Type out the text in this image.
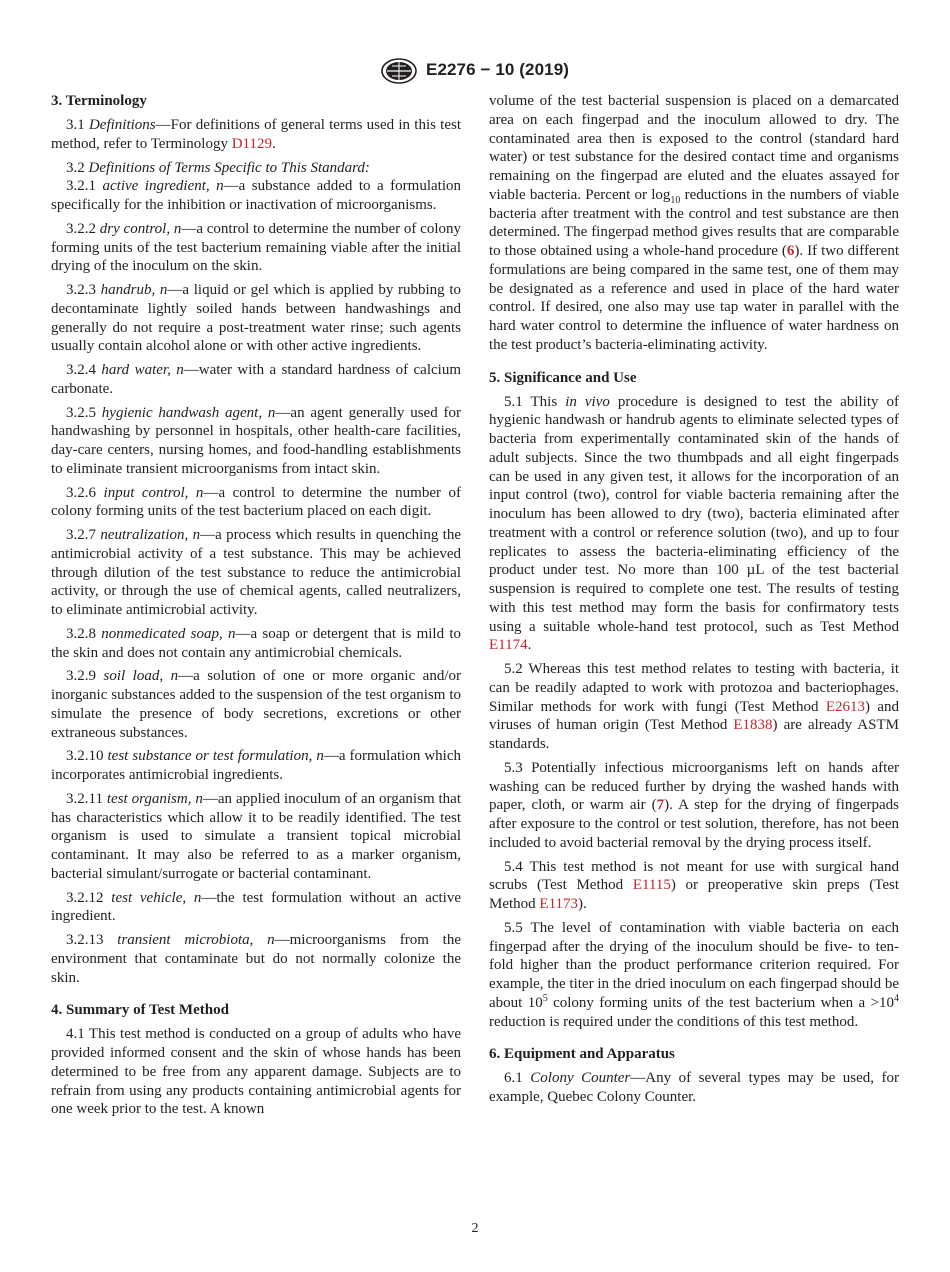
E2276 − 10 (2019)
3. Terminology

3.1 Definitions—For definitions of general terms used in this test method, refer to Terminology D1129.

3.2 Definitions of Terms Specific to This Standard:

3.2.1 active ingredient, n—a substance added to a formulation specifically for the inhibition or inactivation of microorganisms.

3.2.2 dry control, n—a control to determine the number of colony forming units of the test bacterium remaining viable after the initial drying of the inoculum on the skin.

3.2.3 handrub, n—a liquid or gel which is applied by rubbing to decontaminate lightly soiled hands between handwashings and generally do not require a post-treatment water rinse; such agents usually contain alcohol alone or with other active ingredients.

3.2.4 hard water, n—water with a standard hardness of calcium carbonate.

3.2.5 hygienic handwash agent, n—an agent generally used for handwashing by personnel in hospitals, other health-care facilities, day-care centers, nursing homes, and food-handling establishments to eliminate transient microorganisms from intact skin.

3.2.6 input control, n—a control to determine the number of colony forming units of the test bacterium placed on each digit.

3.2.7 neutralization, n—a process which results in quenching the antimicrobial activity of a test substance. This may be achieved through dilution of the test substance to reduce the antimicrobial activity, or through the use of chemical agents, called neutralizers, to eliminate antimicrobial activity.

3.2.8 nonmedicated soap, n—a soap or detergent that is mild to the skin and does not contain any antimicrobial chemicals.

3.2.9 soil load, n—a solution of one or more organic and/or inorganic substances added to the suspension of the test organism to simulate the presence of body secretions, excretions or other extraneous substances.

3.2.10 test substance or test formulation, n—a formulation which incorporates antimicrobial ingredients.

3.2.11 test organism, n—an applied inoculum of an organism that has characteristics which allow it to be readily identified. The test organism is used to simulate a transient topical microbial contaminant. It may also be referred to as a marker organism, bacterial simulant/surrogate or bacterial contaminant.

3.2.12 test vehicle, n—the test formulation without an active ingredient.

3.2.13 transient microbiota, n—microorganisms from the environment that contaminate but do not normally colonize the skin.

4. Summary of Test Method

4.1 This test method is conducted on a group of adults who have provided informed consent and the skin of whose hands has been determined to be free from any apparent damage. Subjects are to refrain from using any products containing antimicrobial agents for one week prior to the test. A known

volume of the test bacterial suspension is placed on a demarcated area on each fingerpad and the inoculum allowed to dry. The contaminated area then is exposed to the control (standard hard water) or test substance for the desired contact time and organisms remaining on the fingerpad are eluted and the eluates assayed for viable bacteria. Percent or $\log_{10}$ reductions in the numbers of viable bacteria after treatment with the control and test substance are then determined. The fingerpad method gives results that are comparable to those obtained using a whole-hand procedure (6). If two different formulations are being compared in the same test, one of them may be designated as a reference and used in place of the hard water control. If desired, one also may use tap water in parallel with the hard water control to determine the influence of water hardness on the test product’s bacteria-eliminating activity.

5. Significance and Use

5.1 This in vivo procedure is designed to test the ability of hygienic handwash or handrub agents to eliminate selected types of bacteria from experimentally contaminated skin of the hands of adult subjects. Since the two thumbpads and all eight fingerpads can be used in any given test, it allows for the incorporation of an input control (two), control for viable bacteria remaining after the inoculum has been allowed to dry (two), bacteria eliminated after treatment with a control or reference solution (two), and up to four replicates to assess the bacteria-eliminating efficiency of the product under test. No more than 100 µL of the test bacterial suspension is required to complete one test. The results of testing with this test method may form the basis for confirmatory tests using a suitable whole-hand test protocol, such as Test Method E1174.

5.2 Whereas this test method relates to testing with bacteria, it can be readily adapted to work with protozoa and bacteriophages. Similar methods for work with fungi (Test Method E2613) and viruses of human origin (Test Method E1838) are already ASTM standards.

5.3 Potentially infectious microorganisms left on hands after washing can be reduced further by drying the washed hands with paper, cloth, or warm air (7). A step for the drying of fingerpads after exposure to the control or test solution, therefore, has not been included to avoid bacterial removal by the drying process itself.

5.4 This test method is not meant for use with surgical hand scrubs (Test Method E1115) or preoperative skin preps (Test Method E1173).

5.5 The level of contamination with viable bacteria on each fingerpad after the drying of the inoculum should be five- to ten-fold higher than the product performance criterion required. For example, the titer in the dried inoculum on each fingerpad should be about $10^5$ colony forming units of the test bacterium when $a >10^4$ reduction is required under the conditions of this test method.

6. Equipment and Apparatus

6.1 Colony Counter—Any of several types may be used, for example, Quebec Colony Counter.

2
